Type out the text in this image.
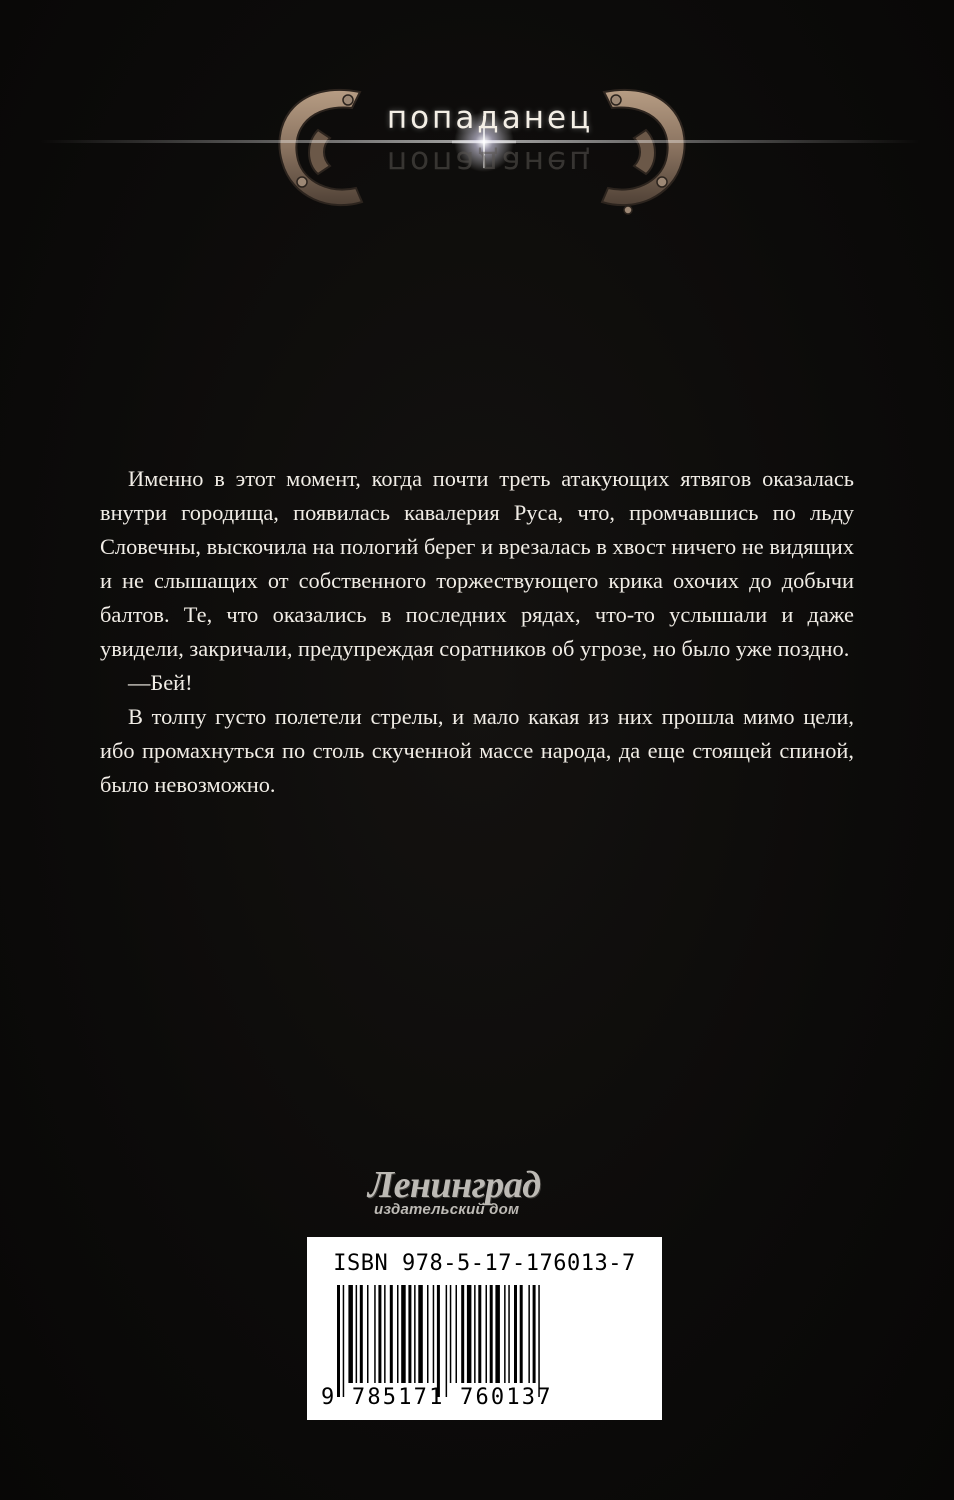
попаданец
попаданец

Именно в этот момент, когда почти треть атакующих ятвягов оказалась внутри городища, появилась кавалерия Руса, что, промчавшись по льду Словечны, выскочила на пологий берег и врезалась в хвост ничего не видящих и не слышащих от собственного торжествующего крика охочих до добычи балтов. Те, что оказались в последних рядах, что-то услышали и даже увидели, закричали, предупреждая соратников об угрозе, но было уже поздно.

—Бей!

В толпу густо полетели стрелы, и мало какая из них прошла мимо цели, ибо промахнуться по столь скученной массе народа, да еще стоящей спиной, было невозможно.

Ленинград
издательский дом
ISBN 978-5-17-176013-7
9 785171 760137
